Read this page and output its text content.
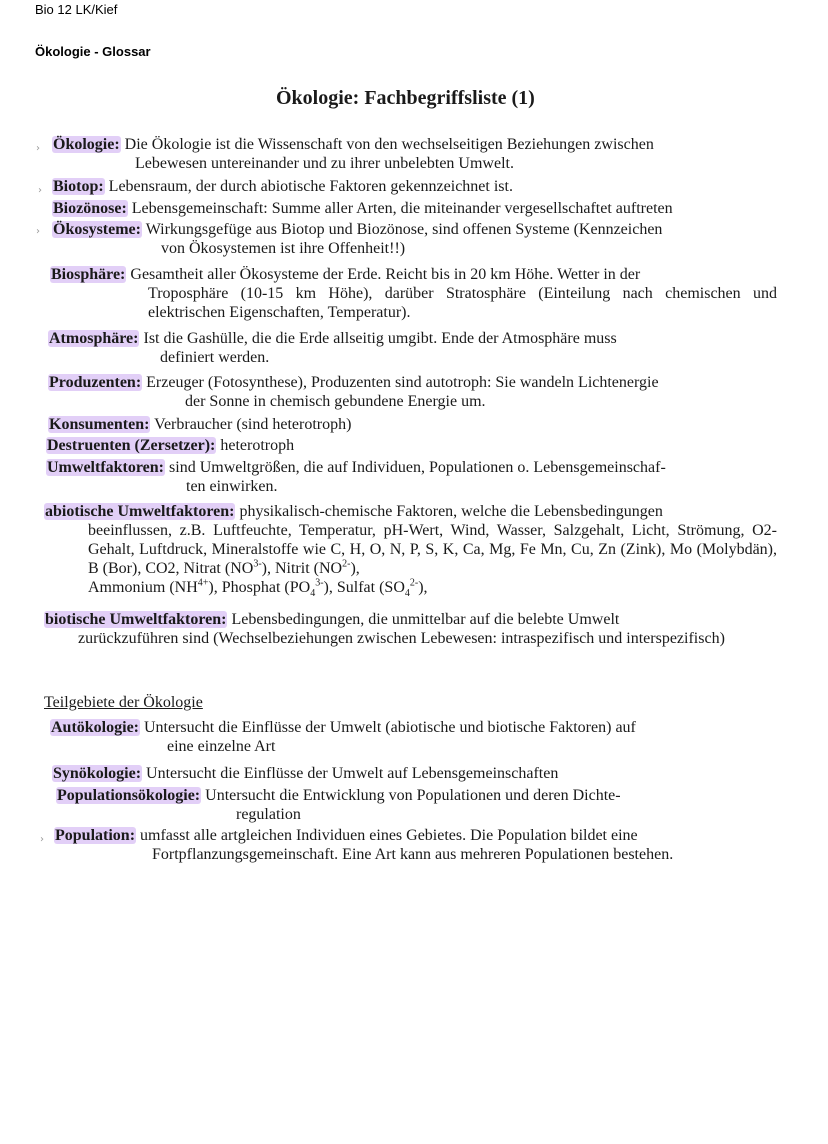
Bio 12 LK/Kief
Ökologie - Glossar
Ökologie: Fachbegriffsliste (1)
› Ökologie: Die Ökologie ist die Wissenschaft von den wechselseitigen Beziehungen zwischen
Lebewesen untereinander und zu ihrer unbelebten Umwelt.
› Biotop: Lebensraum, der durch abiotische Faktoren gekennzeichnet ist.
Biozönose: Lebensgemeinschaft: Summe aller Arten, die miteinander vergesellschaftet auftreten
› Ökosysteme: Wirkungsgefüge aus Biotop und Biozönose, sind offenen Systeme (Kennzeichen
von Ökosystemen ist ihre Offenheit!!)
Biosphäre: Gesamtheit aller Ökosysteme der Erde. Reicht bis in 20 km Höhe. Wetter in der
Troposphäre (10-15 km Höhe), darüber Stratosphäre (Einteilung nach chemischen und elektrischen Eigenschaften, Temperatur).
Atmosphäre: Ist die Gashülle, die die Erde allseitig umgibt. Ende der Atmosphäre muss
definiert werden.
Produzenten: Erzeuger (Fotosynthese), Produzenten sind autotroph: Sie wandeln Lichtenergie
der Sonne in chemisch gebundene Energie um.
Konsumenten: Verbraucher (sind heterotroph)
Destruenten (Zersetzer): heterotroph
Umweltfaktoren: sind Umweltgrößen, die auf Individuen, Populationen o. Lebensgemeinschaf-
ten einwirken.
abiotische Umweltfaktoren: physikalisch-chemische Faktoren, welche die Lebensbedingungen
beeinflussen, z.B. Luftfeuchte, Temperatur, pH-Wert, Wind, Wasser, Salzgehalt, Licht, Strömung, O2-Gehalt, Luftdruck, Mineralstoffe wie C, H, O, N, P, S, K, Ca, Mg, Fe Mn, Cu, Zn (Zink), Mo (Molybdän), B (Bor), CO2, Nitrat $(NO^{3-})$, Nitrit $(NO^{2-})$,
Ammonium $(NH^{4+})$, Phosphat $(PO_4^{3-})$, Sulfat $(SO_4^{2-})$,
biotische Umweltfaktoren: Lebensbedingungen, die unmittelbar auf die belebte Umwelt
zurückzuführen sind (Wechselbeziehungen zwischen Lebewesen: intraspezifisch und interspezifisch)
Teilgebiete der Ökologie
Autökologie: Untersucht die Einflüsse der Umwelt (abiotische und biotische Faktoren) auf
eine einzelne Art
Synökologie: Untersucht die Einflüsse der Umwelt auf Lebensgemeinschaften
Populationsökologie: Untersucht die Entwicklung von Populationen und deren Dichte-
regulation
› Population: umfasst alle artgleichen Individuen eines Gebietes. Die Population bildet eine
Fortpflanzungsgemeinschaft. Eine Art kann aus mehreren Populationen bestehen.
